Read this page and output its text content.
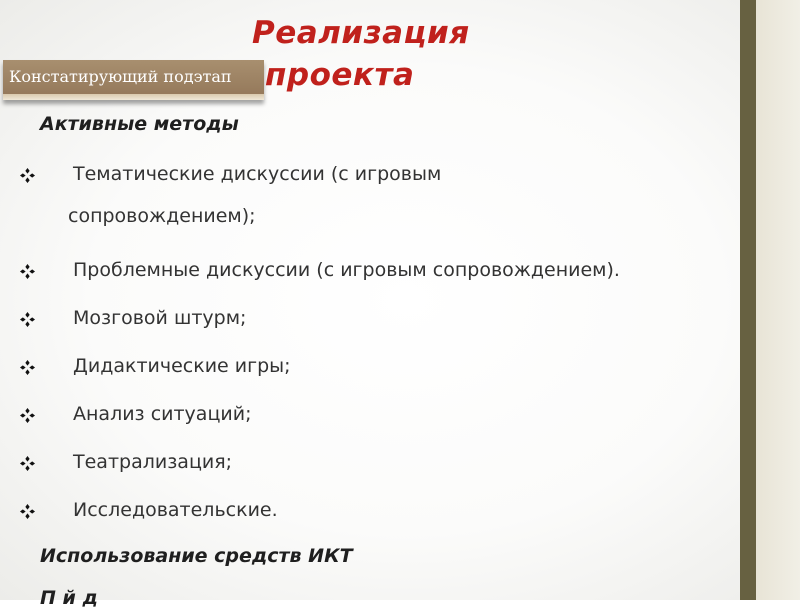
Реализация
проекта
Констатирующий подэтап
Активные методы
Тематические дискуссии (с игровым
сопровождением);
Проблемные дискуссии (с игровым сопровождением).
Мозговой штурм;
Дидактические игры;
Анализ ситуаций;
Театрализация;
Исследовательские.
Использование средств ИКТ
П й д
